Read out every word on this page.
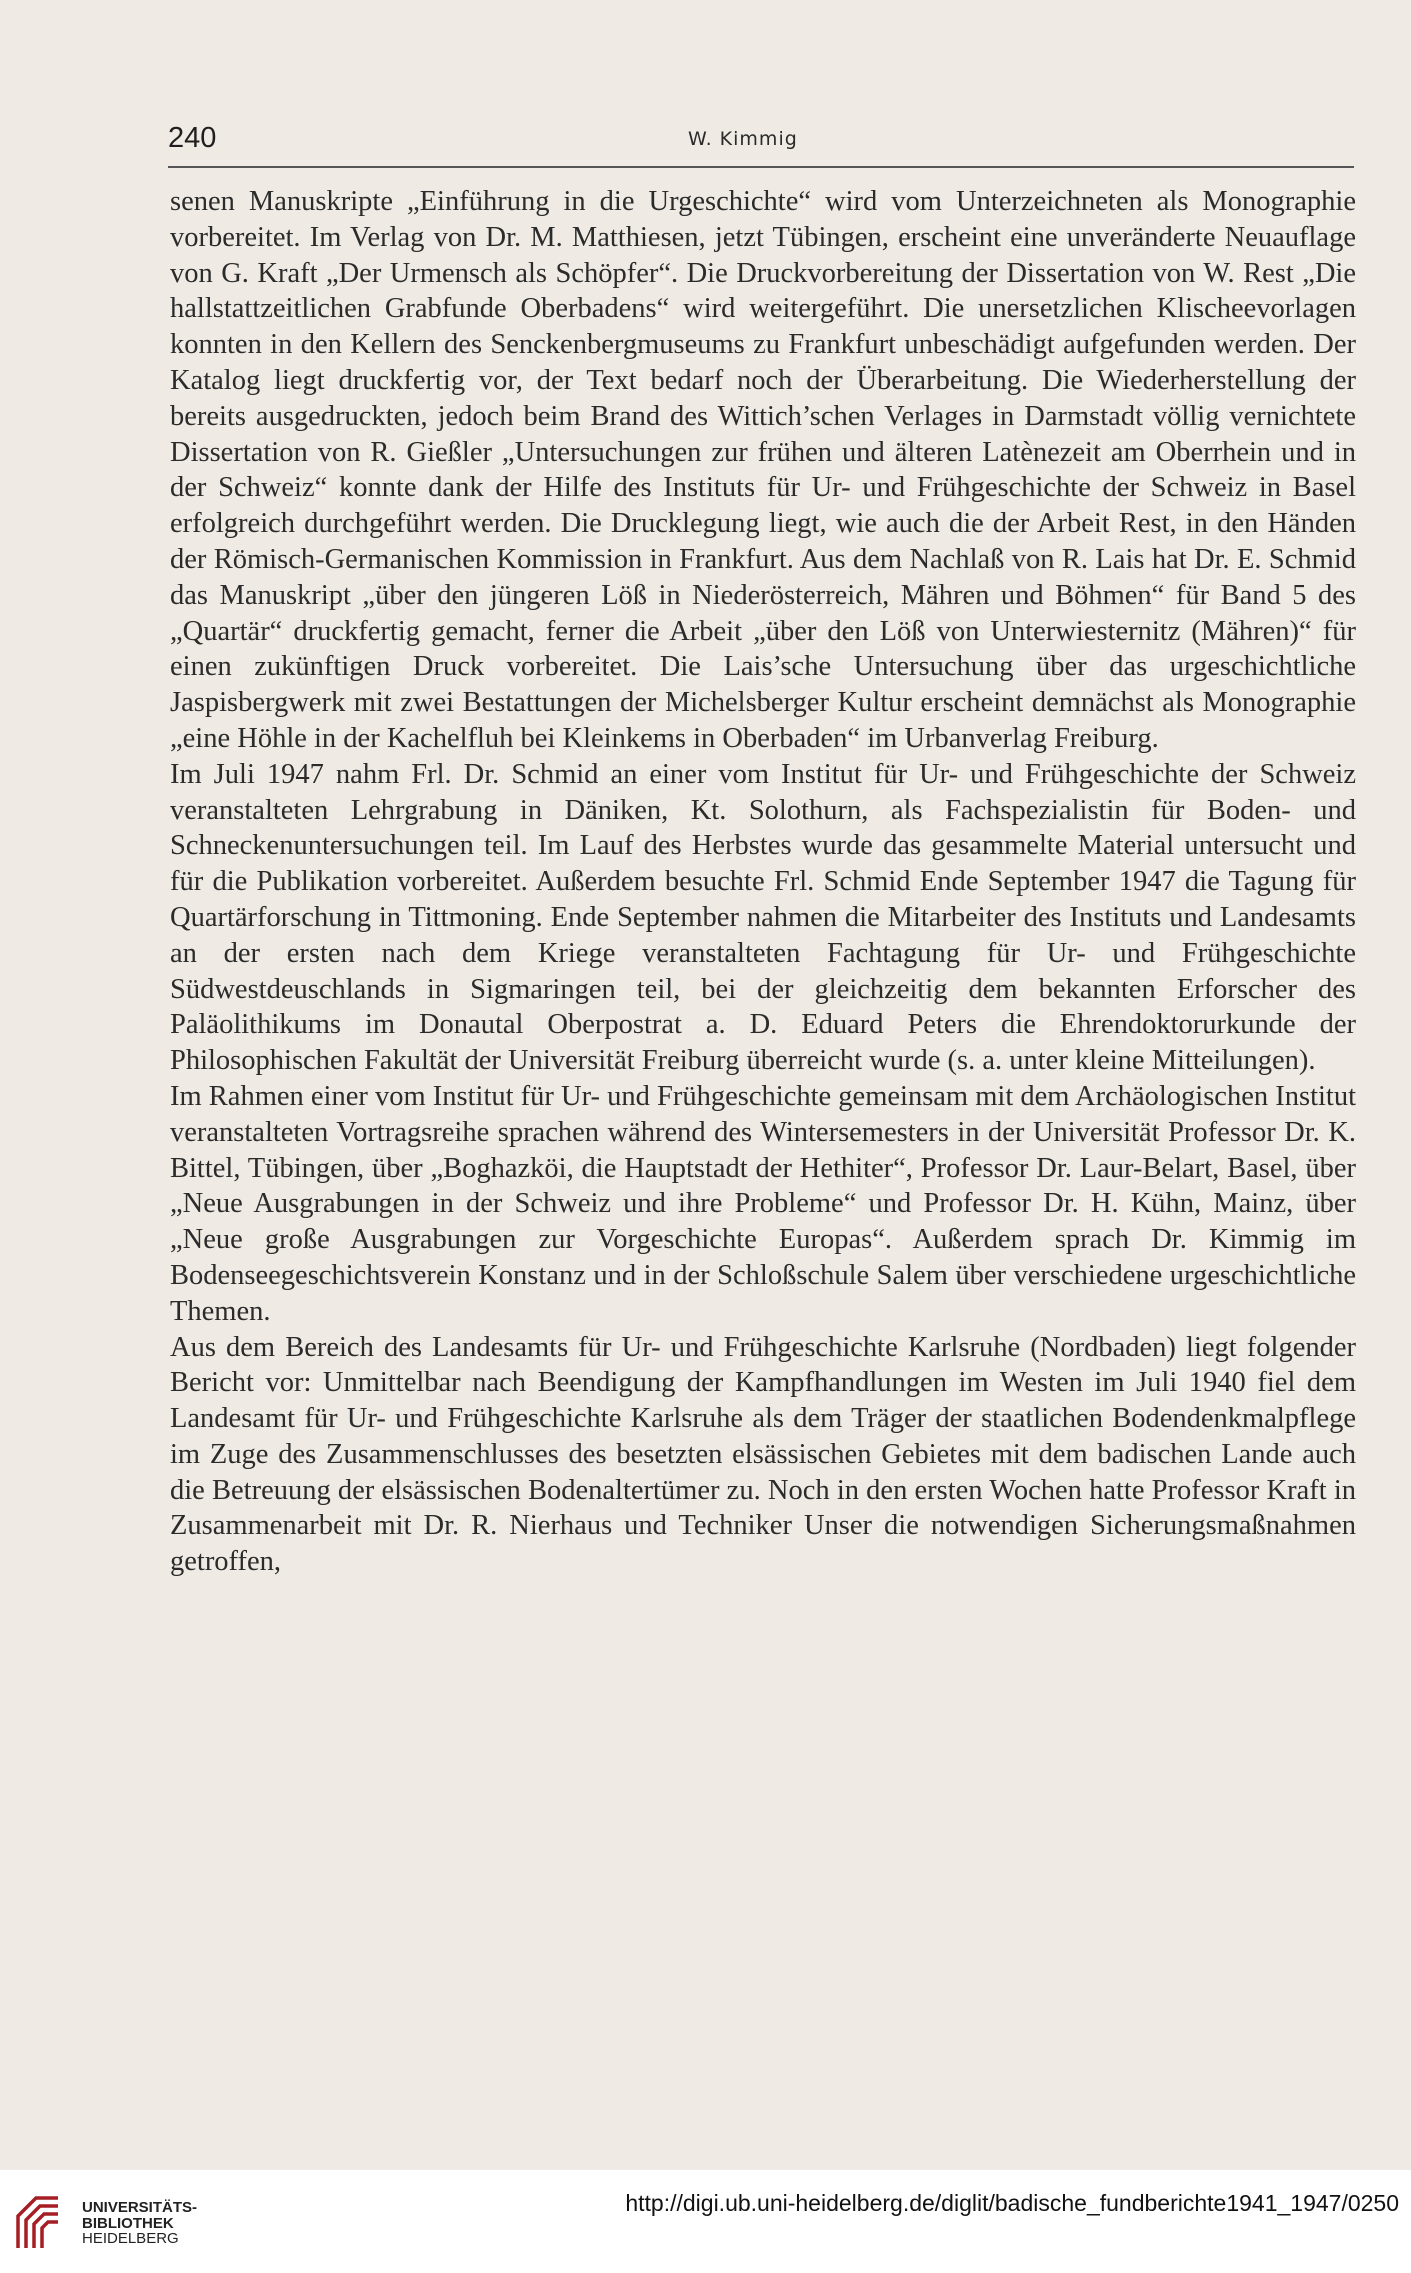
240	W. Kimmig

senen Manuskripte „Einführung in die Urgeschichte“ wird vom Unterzeichneten als Monographie vorbereitet. Im Verlag von Dr. M. Matthiesen, jetzt Tübingen, erscheint eine unveränderte Neuauflage von G. Kraft „Der Urmensch als Schöpfer“. Die Druckvorbereitung der Dissertation von W. Rest „Die hallstattzeitlichen Grabfunde Oberbadens“ wird weitergeführt. Die unersetzlichen Klischeevorlagen konnten in den Kellern des Senckenbergmuseums zu Frankfurt unbeschädigt aufgefunden werden. Der Katalog liegt druckfertig vor, der Text bedarf noch der Überarbeitung. Die Wiederherstellung der bereits ausgedruckten, jedoch beim Brand des Wittich’schen Verlages in Darmstadt völlig vernichtete Dissertation von R. Gießler „Untersuchungen zur frühen und älteren Latènezeit am Oberrhein und in der Schweiz“ konnte dank der Hilfe des Instituts für Ur- und Frühgeschichte der Schweiz in Basel erfolgreich durchgeführt werden. Die Drucklegung liegt, wie auch die der Arbeit Rest, in den Händen der Römisch-Germanischen Kommission in Frankfurt. Aus dem Nachlaß von R. Lais hat Dr. E. Schmid das Manuskript „über den jüngeren Löß in Niederösterreich, Mähren und Böhmen“ für Band 5 des „Quartär“ druckfertig gemacht, ferner die Arbeit „über den Löß von Unterwiesternitz (Mähren)“ für einen zukünftigen Druck vorbereitet. Die Lais’sche Untersuchung über das urgeschichtliche Jaspisbergwerk mit zwei Bestattungen der Michelsberger Kultur erscheint demnächst als Monographie „eine Höhle in der Kachelfluh bei Kleinkems in Oberbaden“ im Urbanverlag Freiburg.

Im Juli 1947 nahm Frl. Dr. Schmid an einer vom Institut für Ur- und Frühgeschichte der Schweiz veranstalteten Lehrgrabung in Däniken, Kt. Solothurn, als Fachspezialistin für Boden- und Schneckenuntersuchungen teil. Im Lauf des Herbstes wurde das gesammelte Material untersucht und für die Publikation vorbereitet. Außerdem besuchte Frl. Schmid Ende September 1947 die Tagung für Quartärforschung in Tittmoning. Ende September nahmen die Mitarbeiter des Instituts und Landesamts an der ersten nach dem Kriege veranstalteten Fachtagung für Ur- und Frühgeschichte Südwestdeuschlands in Sigmaringen teil, bei der gleichzeitig dem bekannten Erforscher des Paläolithikums im Donautal Oberpostrat a. D. Eduard Peters die Ehrendoktorurkunde der Philosophischen Fakultät der Universität Freiburg überreicht wurde (s. a. unter kleine Mitteilungen).

Im Rahmen einer vom Institut für Ur- und Frühgeschichte gemeinsam mit dem Archäologischen Institut veranstalteten Vortragsreihe sprachen während des Wintersemesters in der Universität Professor Dr. K. Bittel, Tübingen, über „Boghazköi, die Hauptstadt der Hethiter“, Professor Dr. Laur-Belart, Basel, über „Neue Ausgrabungen in der Schweiz und ihre Probleme“ und Professor Dr. H. Kühn, Mainz, über „Neue große Ausgrabungen zur Vorgeschichte Europas“. Außerdem sprach Dr. Kimmig im Bodenseegeschichtsverein Konstanz und in der Schloßschule Salem über verschiedene urgeschichtliche Themen.

Aus dem Bereich des Landesamts für Ur- und Frühgeschichte Karlsruhe (Nordbaden) liegt folgender Bericht vor: Unmittelbar nach Beendigung der Kampfhandlungen im Westen im Juli 1940 fiel dem Landesamt für Ur- und Frühgeschichte Karlsruhe als dem Träger der staatlichen Bodendenkmalpflege im Zuge des Zusammenschlusses des besetzten elsässischen Gebietes mit dem badischen Lande auch die Betreuung der elsässischen Bodenaltertümer zu. Noch in den ersten Wochen hatte Professor Kraft in Zusammenarbeit mit Dr. R. Nierhaus und Techniker Unser die notwendigen Sicherungsmaßnahmen getroffen,

UNIVERSITÄTS-
BIBLIOTHEK
HEIDELBERG
http://digi.ub.uni-heidelberg.de/diglit/badische_fundberichte1941_1947/0250
